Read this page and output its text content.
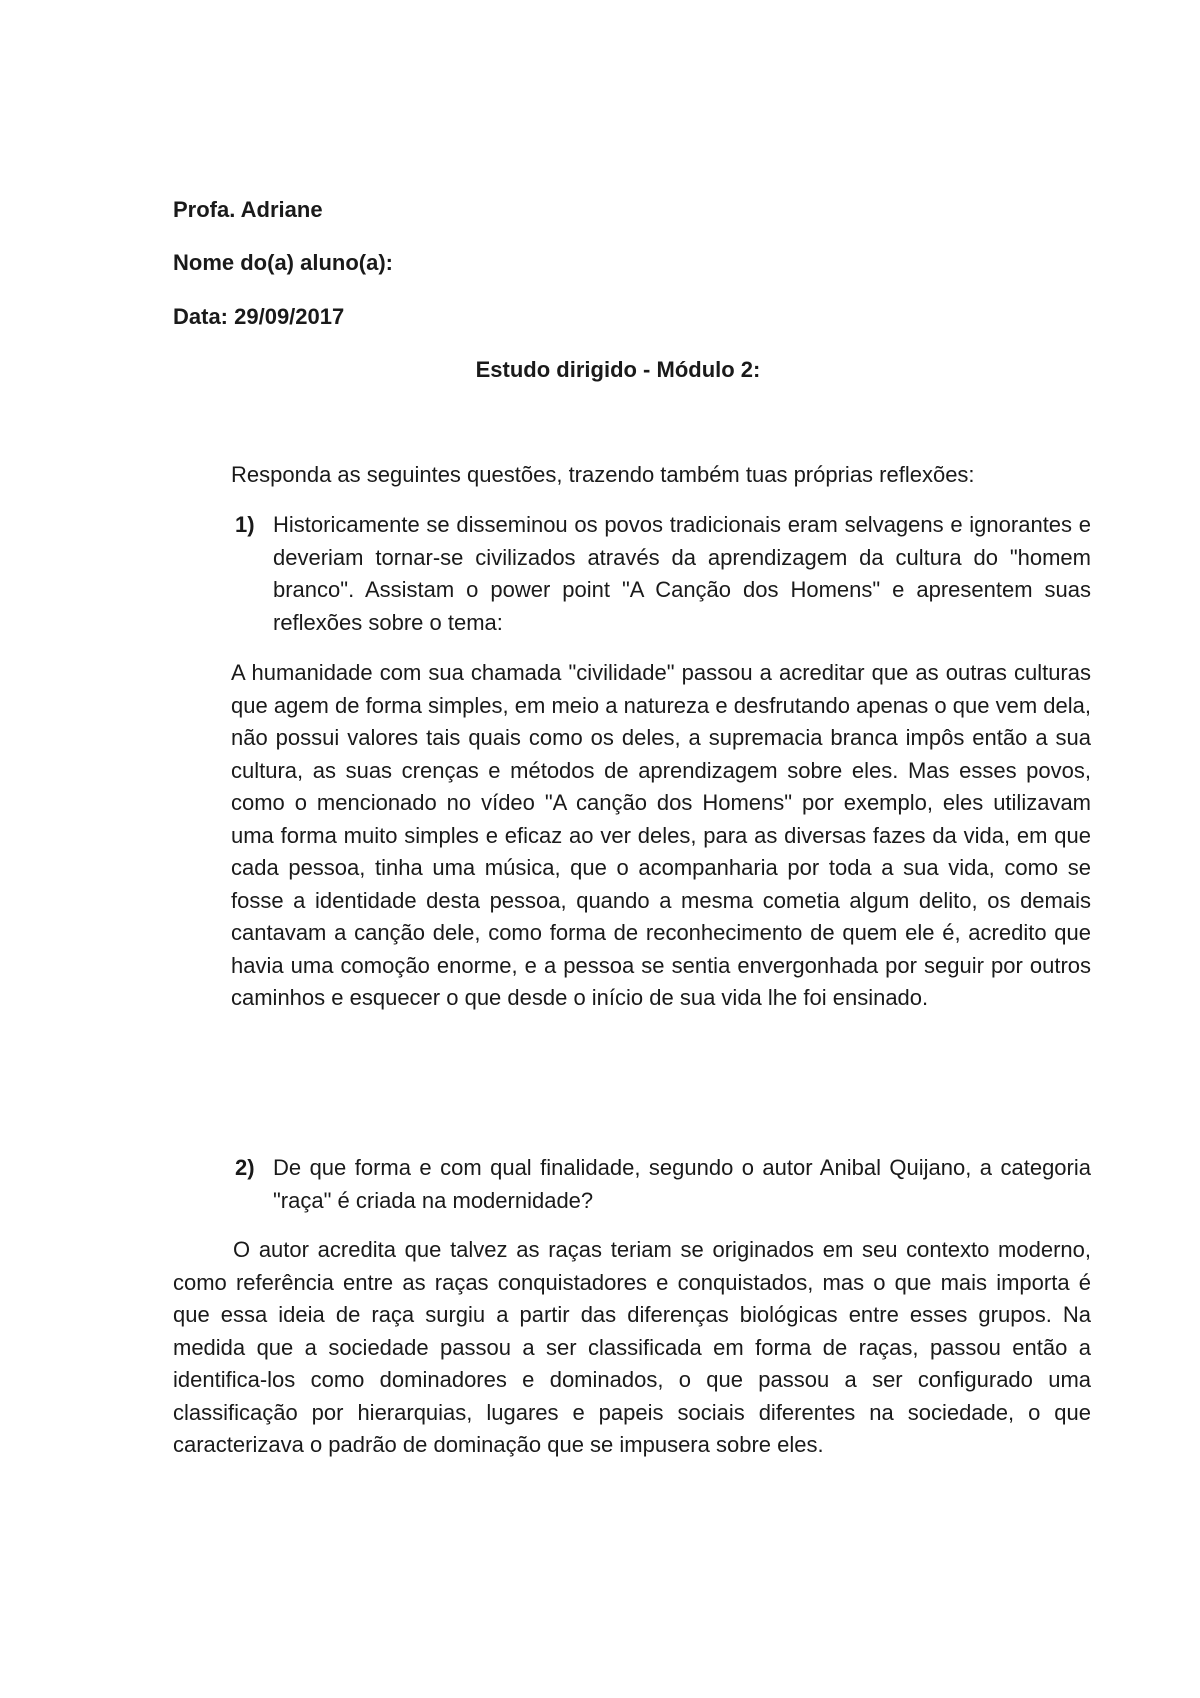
Profa. Adriane
Nome do(a) aluno(a):
Data: 29/09/2017
Estudo dirigido - Módulo 2:
Responda as seguintes questões, trazendo também tuas próprias reflexões:
1) Historicamente se disseminou os povos tradicionais eram selvagens e ignorantes e deveriam tornar-se civilizados através da aprendizagem da cultura do "homem branco". Assistam o power point "A Canção dos Homens" e apresentem suas reflexões sobre o tema:
A humanidade com sua chamada "civilidade" passou a acreditar que as outras culturas que agem de forma simples, em meio a natureza e desfrutando apenas o que vem dela, não possui valores tais quais como os deles, a supremacia branca impôs então a sua cultura, as suas crenças e métodos de aprendizagem sobre eles. Mas esses povos, como o mencionado no vídeo "A canção dos Homens" por exemplo, eles utilizavam uma forma muito simples e eficaz ao ver deles, para as diversas fazes da vida, em que cada pessoa, tinha uma música, que o acompanharia por toda a sua vida, como se fosse a identidade desta pessoa, quando a mesma cometia algum delito, os demais cantavam a canção dele, como forma de reconhecimento de quem ele é, acredito que havia uma comoção enorme, e a pessoa se sentia envergonhada por seguir por outros caminhos e esquecer o que desde o início de sua vida lhe foi ensinado.
2) De que forma e com qual finalidade, segundo o autor Anibal Quijano, a categoria "raça" é criada na modernidade?
O autor acredita que talvez as raças teriam se originados em seu contexto moderno, como referência entre as raças conquistadores e conquistados, mas o que mais importa é que essa ideia de raça surgiu a partir das diferenças biológicas entre esses grupos. Na medida que a sociedade passou a ser classificada em forma de raças, passou então a identifica-los como dominadores e dominados, o que passou a ser configurado uma classificação por hierarquias, lugares e papeis sociais diferentes na sociedade, o que caracterizava o padrão de dominação que se impusera sobre eles.
